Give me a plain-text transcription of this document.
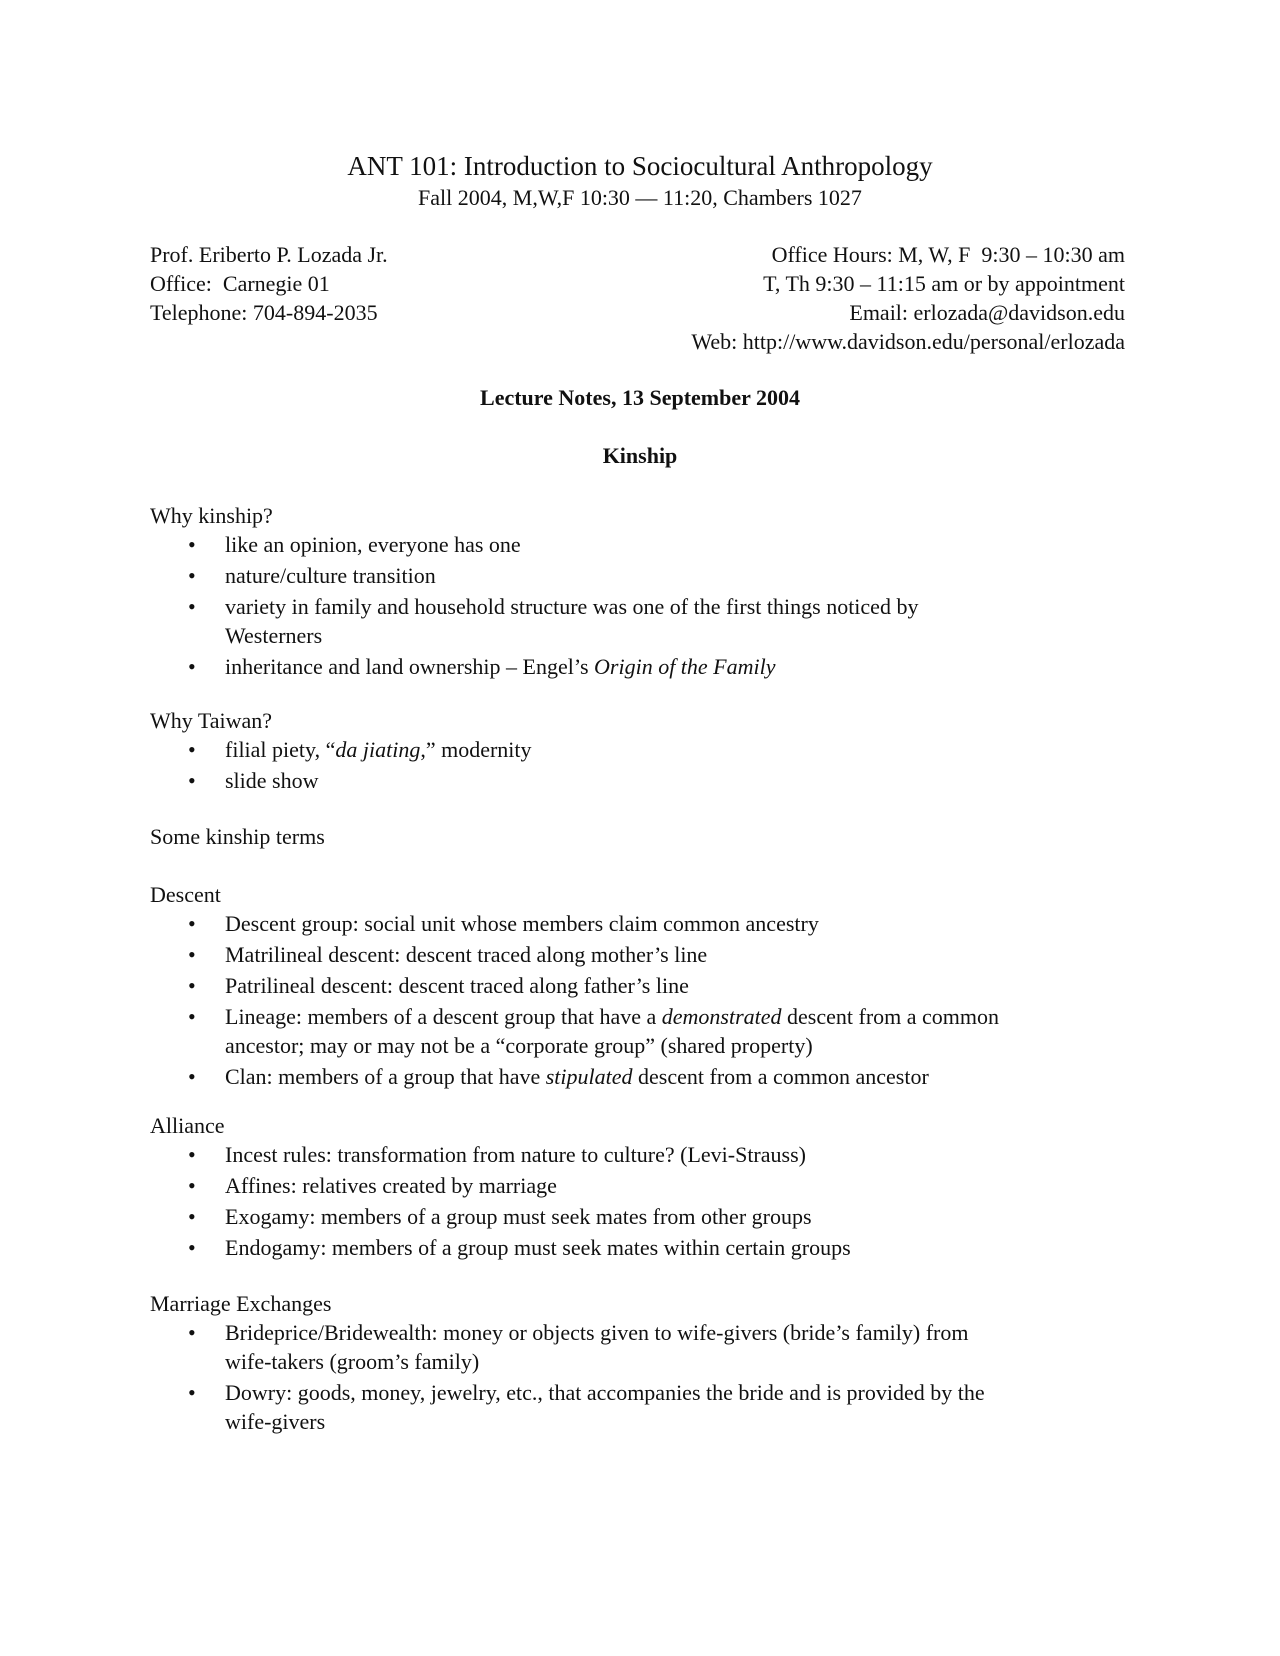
ANT 101: Introduction to Sociocultural Anthropology
Fall 2004, M,W,F 10:30 — 11:20, Chambers 1027
Prof. Eriberto P. Lozada Jr.
Office:  Carnegie 01
Telephone: 704-894-2035
Office Hours: M, W, F  9:30 – 10:30 am
T, Th 9:30 – 11:15 am or by appointment
Email: erlozada@davidson.edu
Web: http://www.davidson.edu/personal/erlozada
Lecture Notes, 13 September 2004
Kinship
Why kinship?
•	like an opinion, everyone has one
•	nature/culture transition
•	variety in family and household structure was one of the first things noticed by
Westerners
•	inheritance and land ownership – Engel’s Origin of the Family
Why Taiwan?
•	filial piety, “da jiating,” modernity
•	slide show
Some kinship terms
Descent
•	Descent group: social unit whose members claim common ancestry
•	Matrilineal descent: descent traced along mother’s line
•	Patrilineal descent: descent traced along father’s line
•	Lineage: members of a descent group that have a demonstrated descent from a common
ancestor; may or may not be a “corporate group” (shared property)
•	Clan: members of a group that have stipulated descent from a common ancestor
Alliance
•	Incest rules: transformation from nature to culture? (Levi-Strauss)
•	Affines: relatives created by marriage
•	Exogamy: members of a group must seek mates from other groups
•	Endogamy: members of a group must seek mates within certain groups
Marriage Exchanges
•	Brideprice/Bridewealth: money or objects given to wife-givers (bride’s family) from
wife-takers (groom’s family)
•	Dowry: goods, money, jewelry, etc., that accompanies the bride and is provided by the
wife-givers
